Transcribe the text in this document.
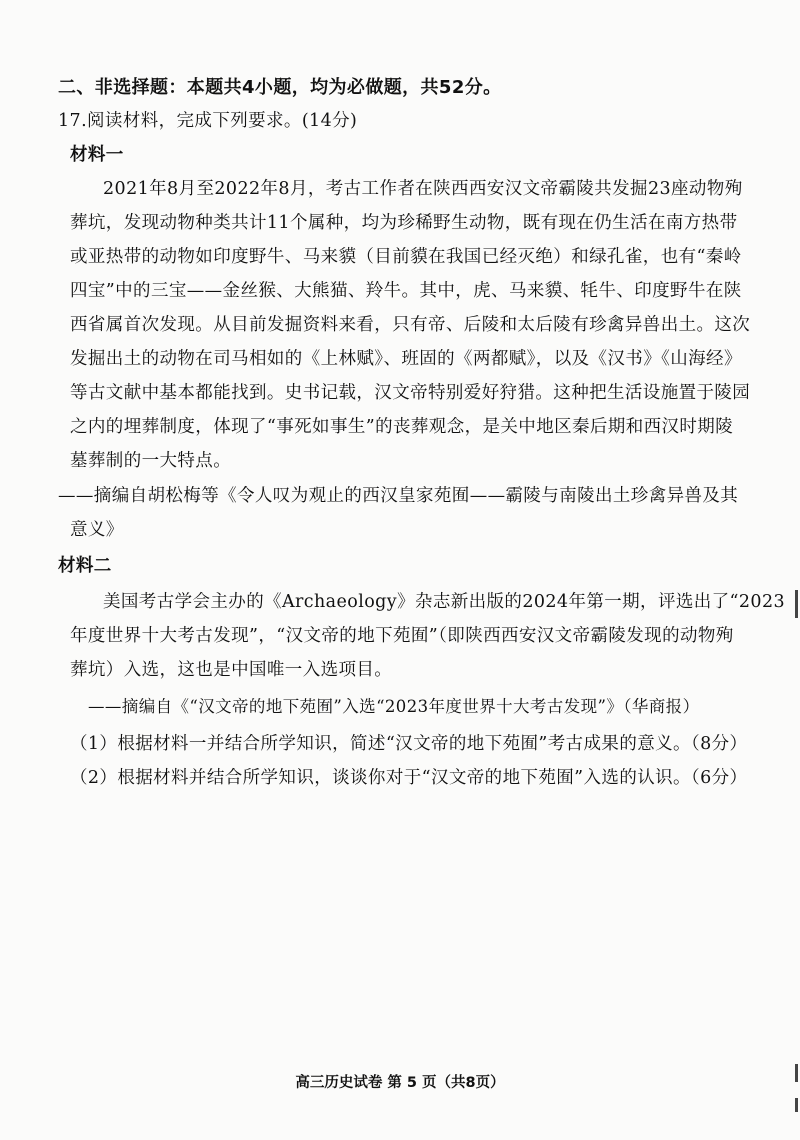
二、非选择题：本题共4小题，均为必做题，共52分。
17.阅读材料，完成下列要求。(14分)
材料一
2021年8月至2022年8月，考古工作者在陕西西安汉文帝霸陵共发掘23座动物殉
葬坑，发现动物种类共计11个属种，均为珍稀野生动物，既有现在仍生活在南方热带
或亚热带的动物如印度野牛、马来貘（目前貘在我国已经灭绝）和绿孔雀，也有“秦岭
四宝”中的三宝——金丝猴、大熊猫、羚牛。其中，虎、马来貘、牦牛、印度野牛在陕
西省属首次发现。从目前发掘资料来看，只有帝、后陵和太后陵有珍禽异兽出土。这次
发掘出土的动物在司马相如的《上林赋》、班固的《两都赋》，以及《汉书》《山海经》
等古文献中基本都能找到。史书记载，汉文帝特别爱好狩猎。这种把生活设施置于陵园
之内的埋葬制度，体现了“事死如事生”的丧葬观念，是关中地区秦后期和西汉时期陵
墓葬制的一大特点。
——摘编自胡松梅等《令人叹为观止的西汉皇家苑囿——霸陵与南陵出土珍禽异兽及其
意义》
材料二
美国考古学会主办的《Archaeology》杂志新出版的2024年第一期，评选出了“2023
年度世界十大考古发现”，“汉文帝的地下苑囿”（即陕西西安汉文帝霸陵发现的动物殉
葬坑）入选，这也是中国唯一入选项目。
——摘编自《“汉文帝的地下苑囿”入选“2023年度世界十大考古发现”》（华商报）
（1）根据材料一并结合所学知识，简述“汉文帝的地下苑囿”考古成果的意义。（8分）
（2）根据材料并结合所学知识，谈谈你对于“汉文帝的地下苑囿”入选的认识。（6分）
高三历史试卷 第 5 页（共8页）
